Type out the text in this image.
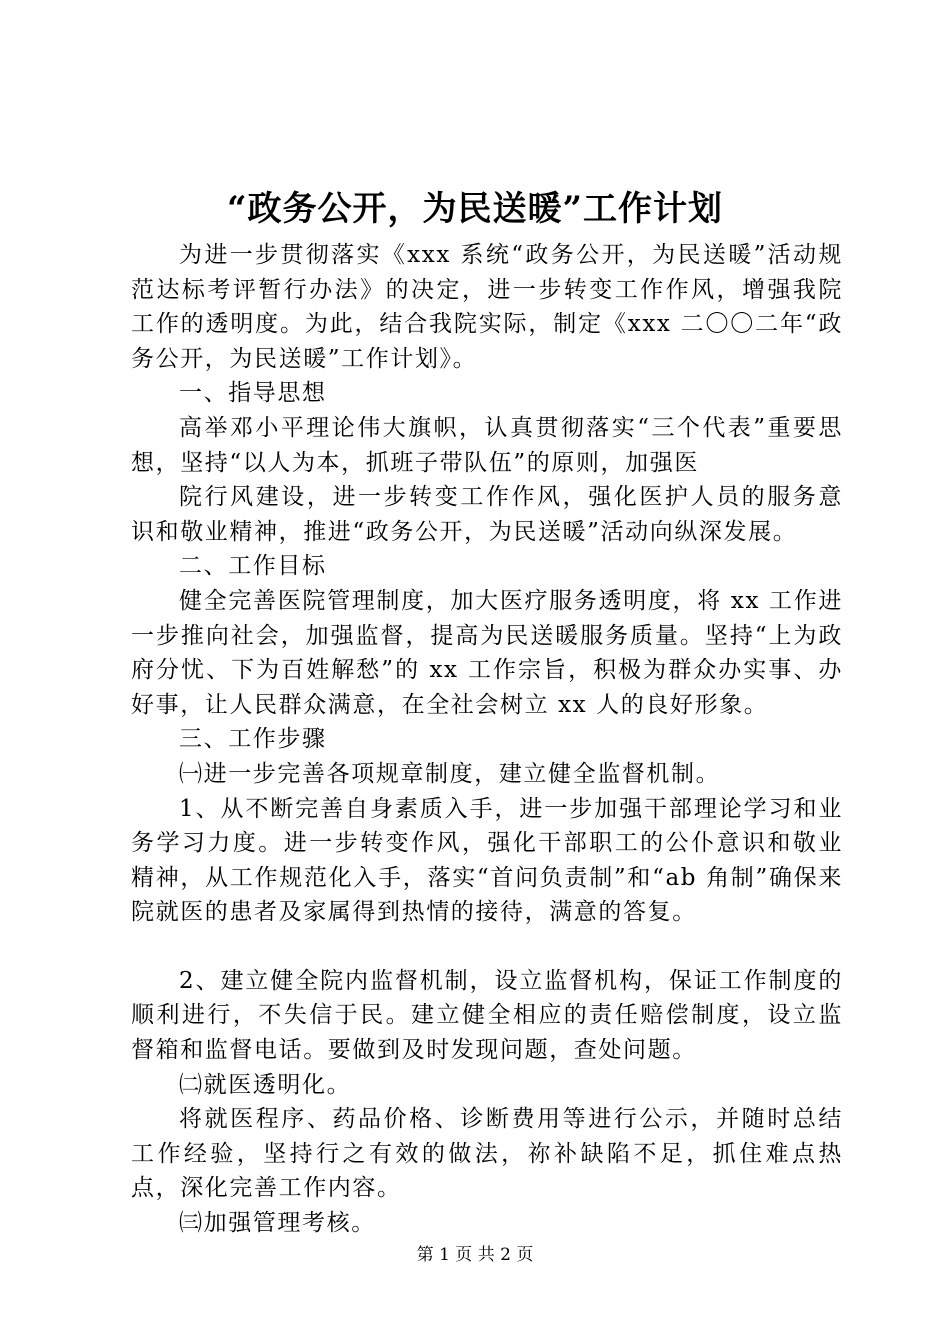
“政务公开，为民送暖”工作计划

为进一步贯彻落实《xxx 系统“政务公开，为民送暖”活动规范达标考评暂行办法》的决定，进一步转变工作作风，增强我院工作的透明度。为此，结合我院实际，制定《xxx 二〇〇二年“政务公开，为民送暖”工作计划》。

一、指导思想

高举邓小平理论伟大旗帜，认真贯彻落实“三个代表”重要思想，坚持“以人为本，抓班子带队伍”的原则，加强医

院行风建设，进一步转变工作作风，强化医护人员的服务意识和敬业精神，推进“政务公开，为民送暖”活动向纵深发展。

二、工作目标

健全完善医院管理制度，加大医疗服务透明度，将 xx 工作进一步推向社会，加强监督，提高为民送暖服务质量。坚持“上为政府分忧、下为百姓解愁”的 xx 工作宗旨，积极为群众办实事、办好事，让人民群众满意，在全社会树立 xx 人的良好形象。

三、工作步骤

㈠进一步完善各项规章制度，建立健全监督机制。

1、从不断完善自身素质入手，进一步加强干部理论学习和业务学习力度。进一步转变作风，强化干部职工的公仆意识和敬业精神，从工作规范化入手，落实“首问负责制”和“ab 角制”确保来院就医的患者及家属得到热情的接待，满意的答复。

2、建立健全院内监督机制，设立监督机构，保证工作制度的顺利进行，不失信于民。建立健全相应的责任赔偿制度，设立监督箱和监督电话。要做到及时发现问题，查处问题。

㈡就医透明化。

将就医程序、药品价格、诊断费用等进行公示，并随时总结工作经验，坚持行之有效的做法，祢补缺陷不足，抓住难点热点，深化完善工作内容。

㈢加强管理考核。

第 1 页 共 2 页
